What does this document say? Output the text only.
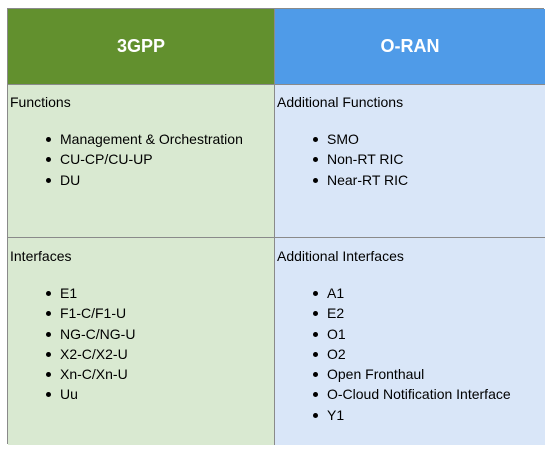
3GPP	O-RAN
Functions
Management & Orchestration
CU-CP/CU-UP
DU
Additional Functions
SMO
Non-RT RIC
Near-RT RIC
Interfaces
E1
F1-C/F1-U
NG-C/NG-U
X2-C/X2-U
Xn-C/Xn-U
Uu
Additional Interfaces
A1
E2
O1
O2
Open Fronthaul
O-Cloud Notification Interface
Y1
